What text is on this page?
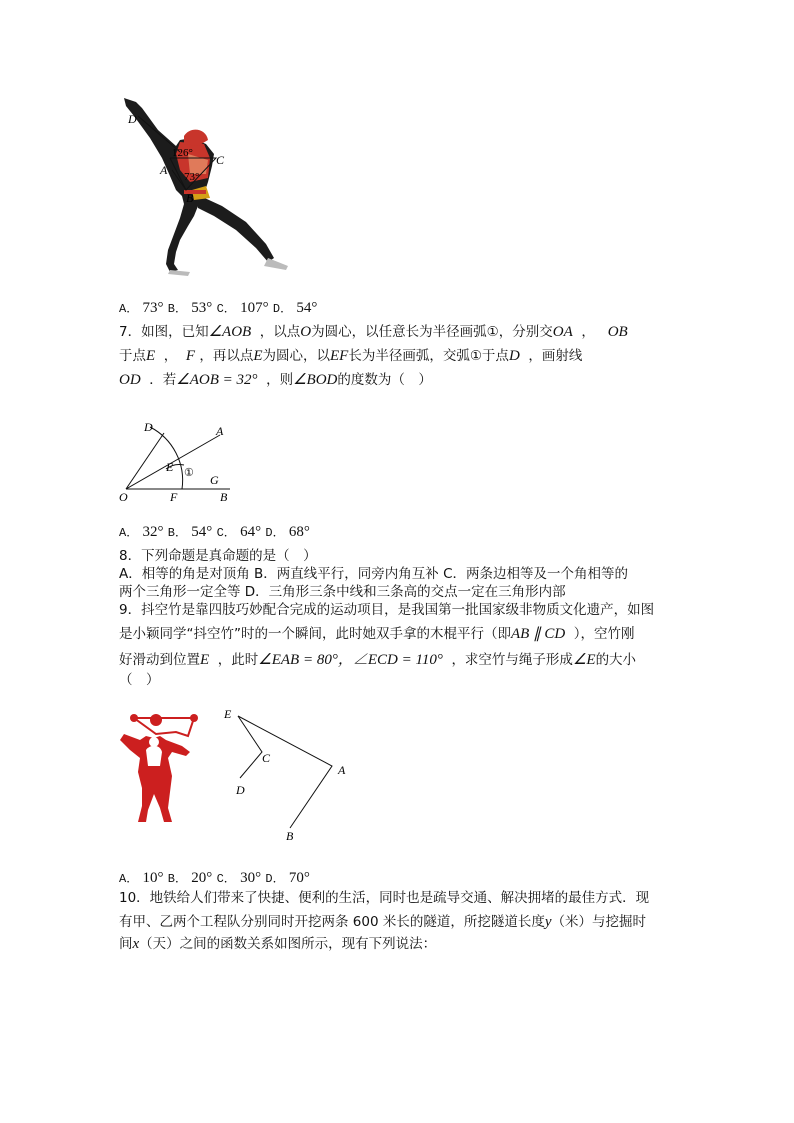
D
C
A
B
126°
73°
A． 73° B． 53° C． 107° D． 54°
7．如图，已知∠AOB ，以点O为圆心，以任意长为半径画弧①，分别交OA ， OB
于点E ， F ，再以点E为圆心，以EF长为半径画弧，交弧①于点D ，画射线
OD ．若∠AOB = 32° ，则∠BOD的度数为（　）
D	A
E ①
O	F
G
B
A． 32° B． 54° C． 64° D． 68°
8．下列命题是真命题的是（　）
A．相等的角是对顶角 B．两直线平行，同旁内角互补 C．两条边相等及一个角相等的
两个三角形一定全等 D．三角形三条中线和三条高的交点一定在三角形内部
9．抖空竹是靠四肢巧妙配合完成的运动项目，是我国第一批国家级非物质文化遗产，如图
是小颖同学“抖空竹”时的一个瞬间，此时她双手拿的木棍平行（即AB ∥ CD ），空竹刚
好滑动到位置E ，此时∠EAB = 80°，∠ECD = 110° ，求空竹与绳子形成∠E的大小
（　）
E
C
A
D
B
A． 10° B． 20° C． 30° D． 70°
10．地铁给人们带来了快捷、便利的生活，同时也是疏导交通、解决拥堵的最佳方式．现
有甲、乙两个工程队分别同时开挖两条 600 米长的隧道，所挖隧道长度y（米）与挖掘时
间x（天）之间的函数关系如图所示，现有下列说法：
